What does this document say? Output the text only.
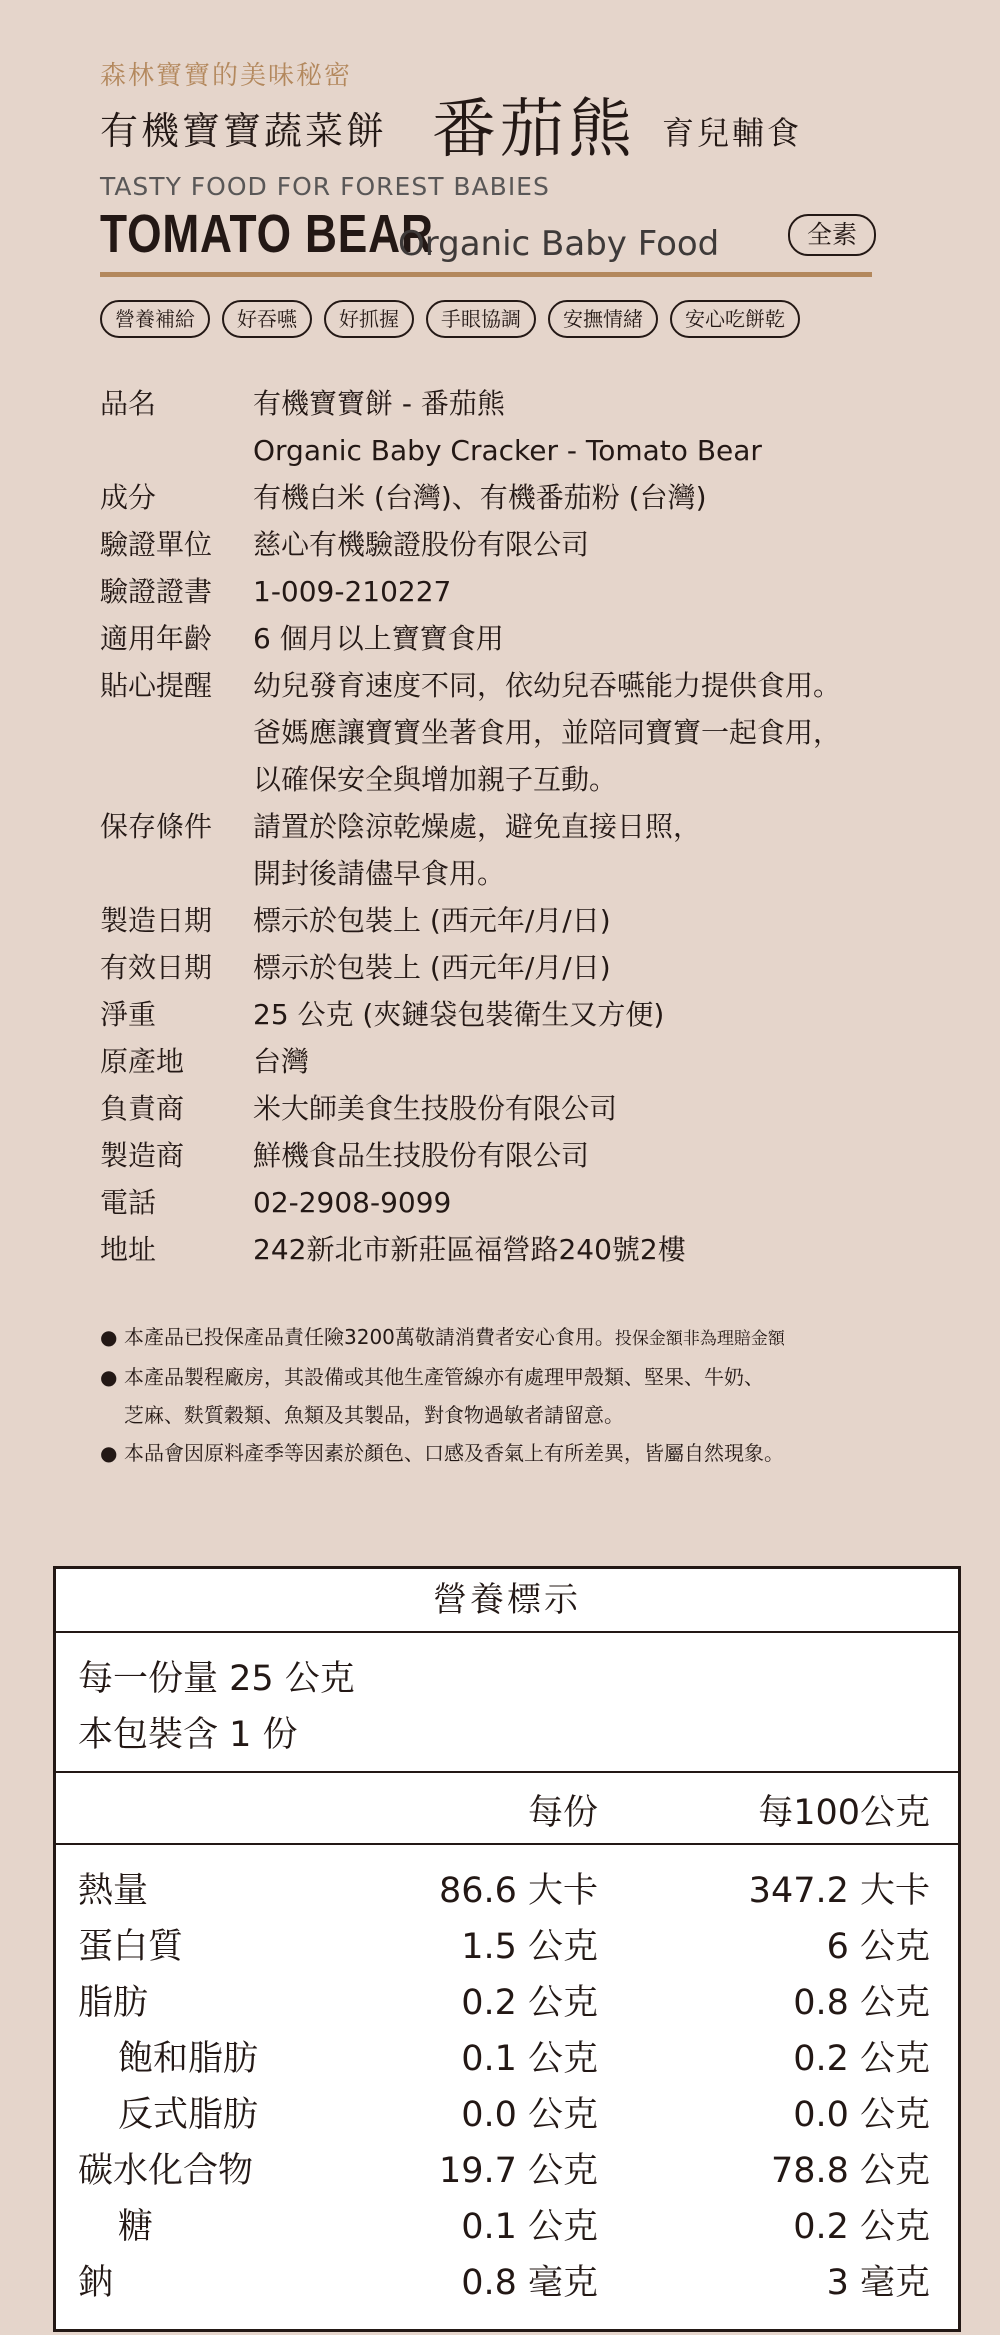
森林寶寶的美味秘密
有機寶寶蔬菜餅 番茄熊 育兒輔食
TASTY FOOD FOR FOREST BABIES
TOMATO BEAR
Organic Baby Food	全素
營養補給	好吞嚥	好抓握	手眼協調	安撫情緒	安心吃餅乾
品名	有機寶寶餅 - 番茄熊
Organic Baby Cracker - Tomato Bear
成分	有機白米 (台灣)、有機番茄粉 (台灣)
驗證單位	慈心有機驗證股份有限公司
驗證證書	1-009-210227
適用年齡	6 個月以上寶寶食用
貼心提醒	幼兒發育速度不同，依幼兒吞嚥能力提供食用。
爸媽應讓寶寶坐著食用，並陪同寶寶一起食用，
以確保安全與增加親子互動。
保存條件	請置於陰涼乾燥處，避免直接日照，
開封後請儘早食用。
製造日期	標示於包裝上 (西元年/月/日)
有效日期	標示於包裝上 (西元年/月/日)
淨重	25 公克 (夾鏈袋包裝衛生又方便)
原產地	台灣
負責商	米大師美食生技股份有限公司
製造商	鮮機食品生技股份有限公司
電話	02-2908-9099
地址	242新北市新莊區福營路240號2樓
● 本產品已投保產品責任險3200萬敬請消費者安心食用。投保金額非為理賠金額
● 本產品製程廠房，其設備或其他生產管線亦有處理甲殼類、堅果、牛奶、
芝麻、麩質穀類、魚類及其製品，對食物過敏者請留意。
● 本品會因原料產季等因素於顏色、口感及香氣上有所差異，皆屬自然現象。
營養標示
每一份量 25 公克
本包裝含 1 份
每份	每100公克
熱量	86.6 大卡	347.2 大卡
蛋白質	1.5 公克	6 公克
脂肪	0.2 公克	0.8 公克
飽和脂肪	0.1 公克	0.2 公克
反式脂肪	0.0 公克	0.0 公克
碳水化合物	19.7 公克	78.8 公克
糖	0.1 公克	0.2 公克
鈉	0.8 毫克	3 毫克
